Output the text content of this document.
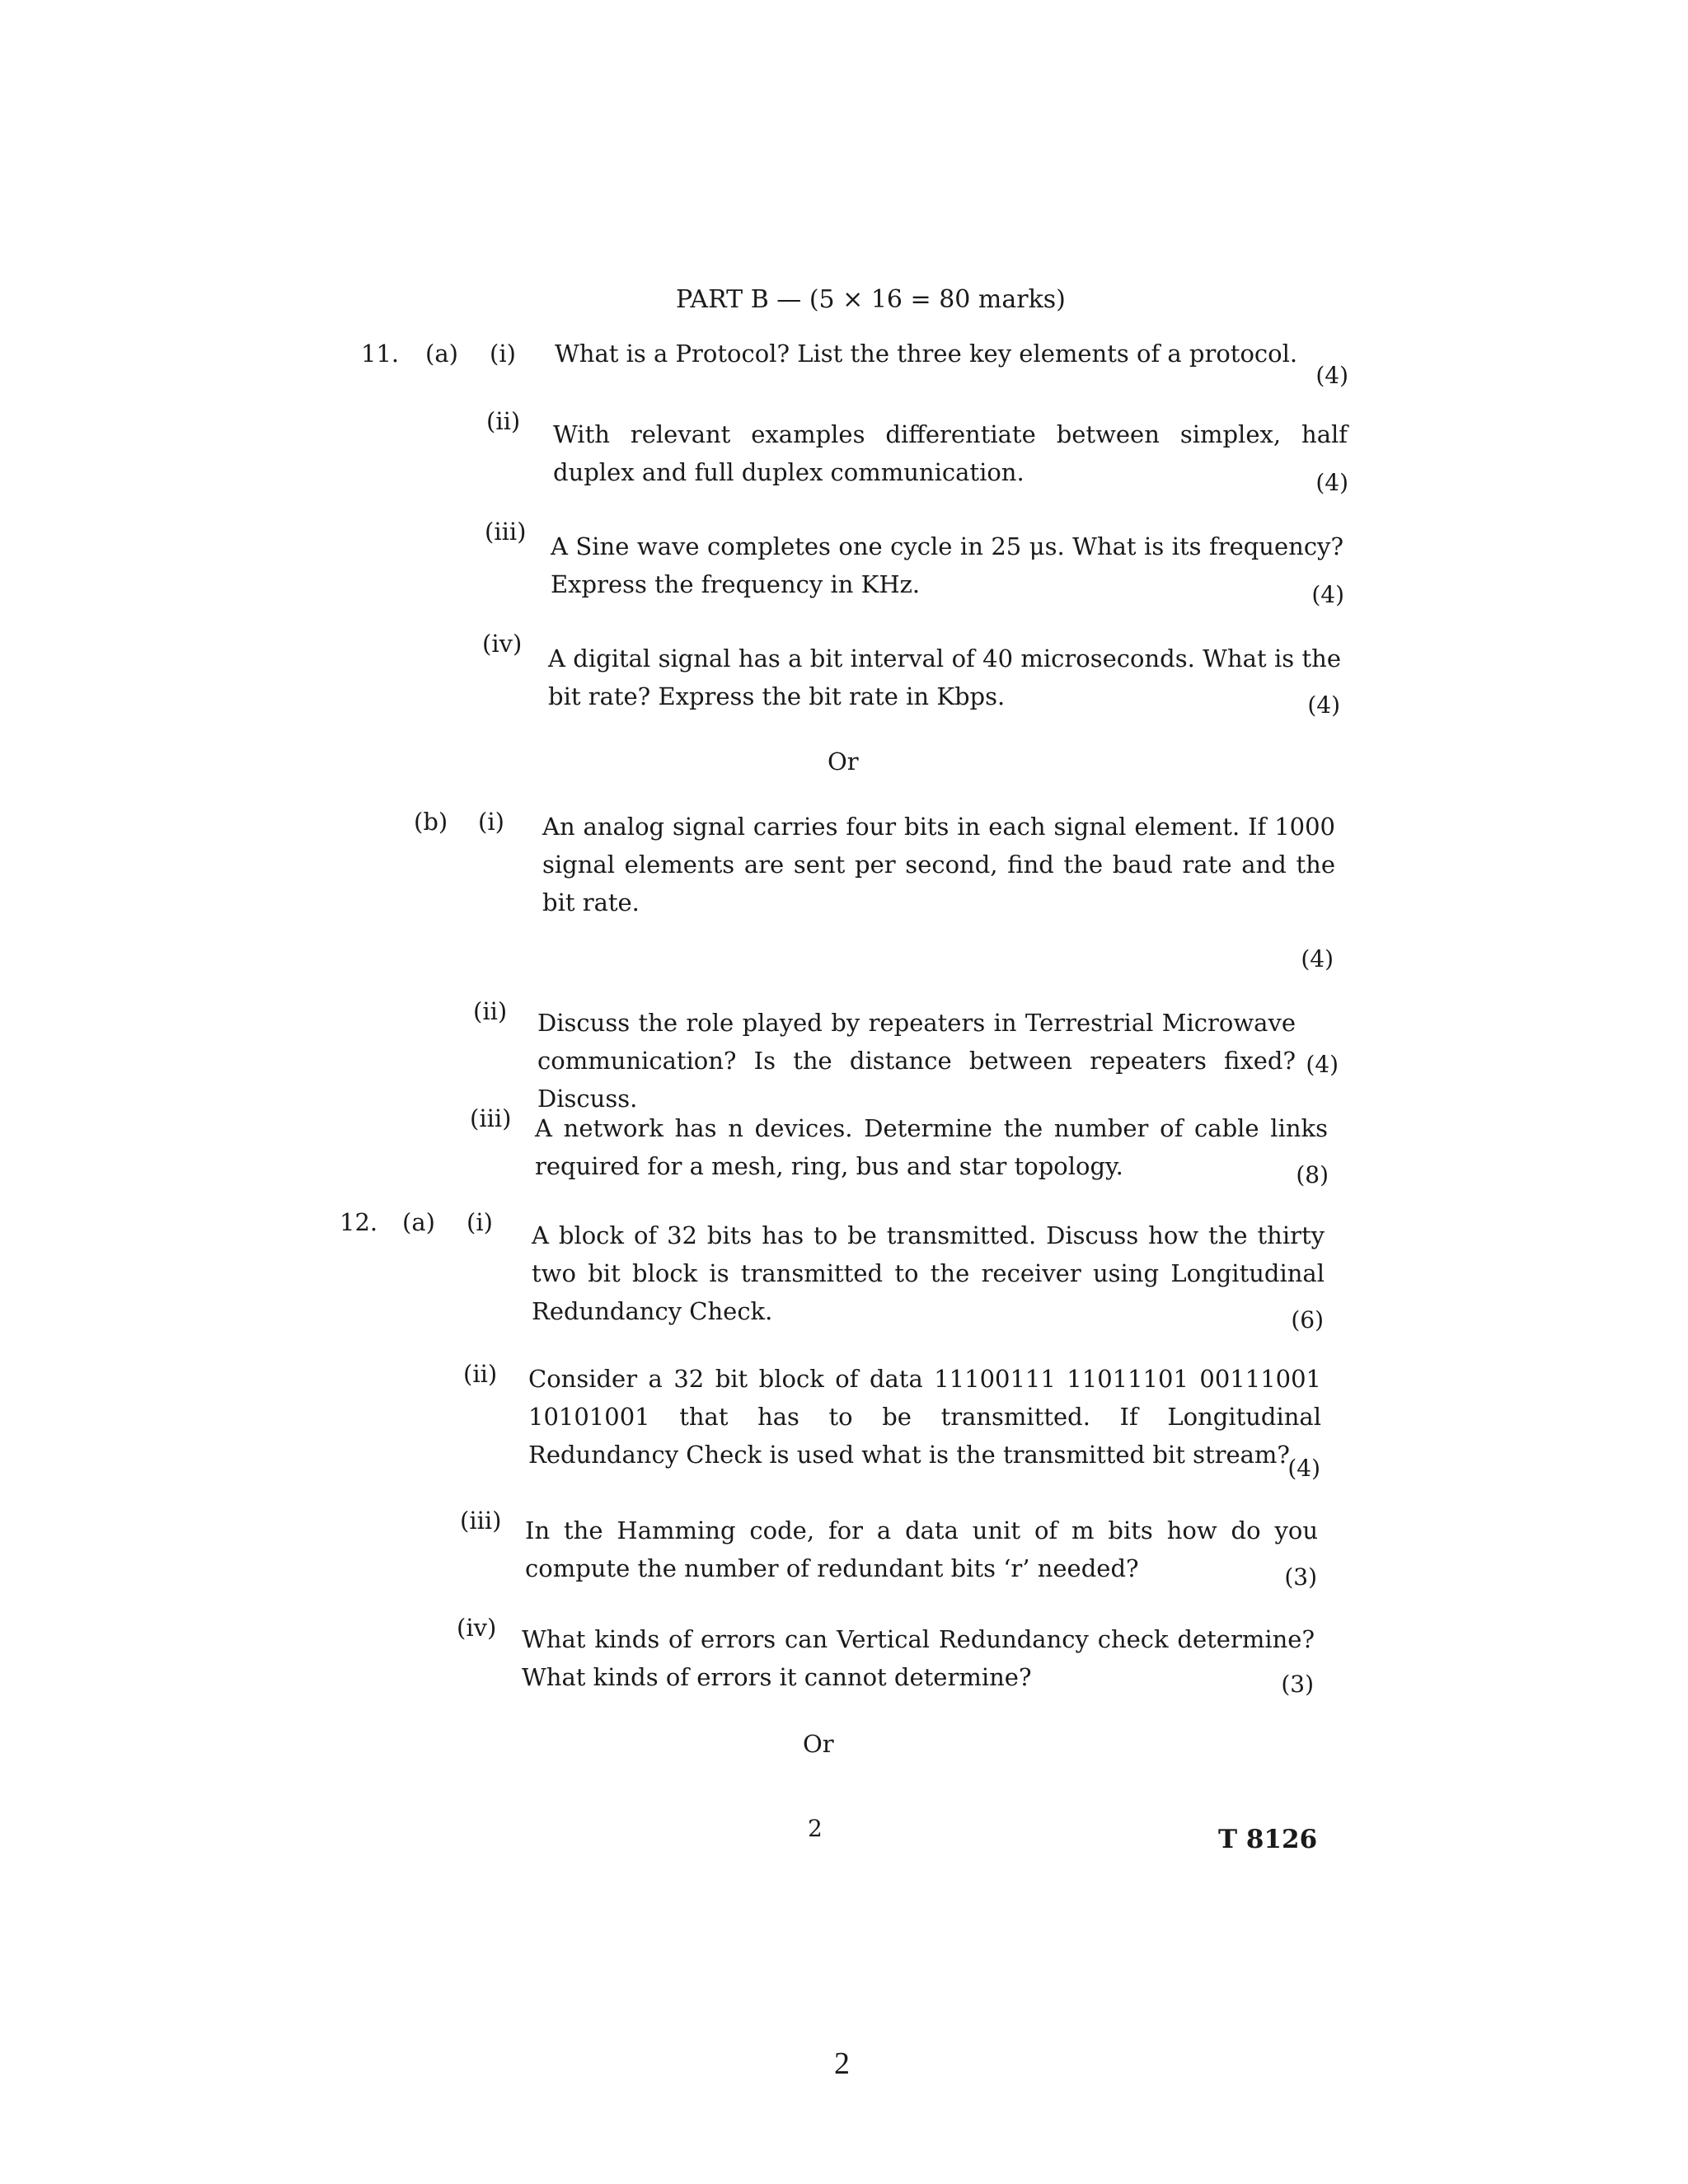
PART B — (5 × 16 = 80 marks)
11. (a) (i) What is a Protocol? List the three key elements of a protocol.
(4)
(ii) With relevant examples differentiate between simplex, half duplex and full duplex communication.	(4)
(iii)
A Sine wave completes one cycle in 25 μs. What is its frequency? Express the frequency in KHz.	(4)
(iv)
A digital signal has a bit interval of 40 microseconds. What is the bit rate? Express the bit rate in Kbps.	(4)
Or
(b) (i) An analog signal carries four bits in each signal element. If 1000 signal elements are sent per second, find the baud rate and the bit rate.
(4)
(ii) Discuss the role played by repeaters in Terrestrial Microwave communication? Is the distance between repeaters fixed? Discuss.
(4)
(iii) A network has n devices. Determine the number of cable links required for a mesh, ring, bus and star topology.	(8)
12. (a) (i) A block of 32 bits has to be transmitted. Discuss how the thirty two bit block is transmitted to the receiver using Longitudinal Redundancy Check.	(6)
(ii) Consider a 32 bit block of data 11100111 11011101 00111001 10101001 that has to be transmitted. If Longitudinal Redundancy Check is used what is the transmitted bit stream?
(4)
(iii) In the Hamming code, for a data unit of m bits how do you compute the number of redundant bits ‘r’ needed?	(3)
(iv) What kinds of errors can Vertical Redundancy check determine? What kinds of errors it cannot determine?	(3)
Or
2	T 8126
2
